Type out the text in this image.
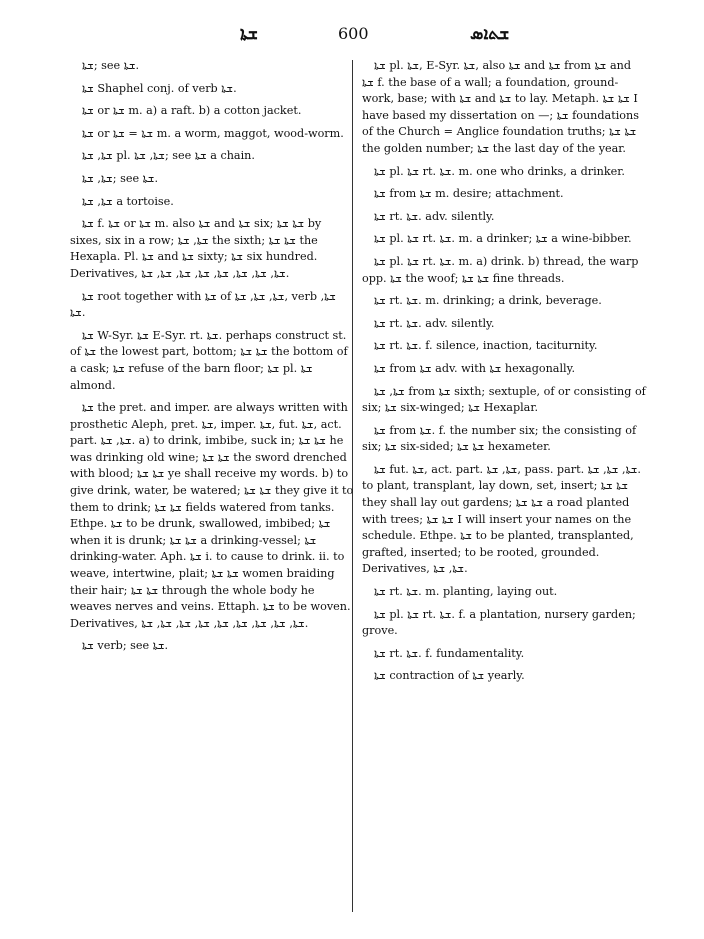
ܫܬܐ	600	ܫܬܐܣ

ܫܬܐ; see ܫܬܐ.

ܫܬܐ Shaphel conj. of verb ܫܬܐ.

ܫܬܐ or ܫܬܐ m. a) a raft. b) a cotton jacket.

ܫܬܐ or ܫܬܐ = ܫܬܐ m. a worm, maggot, wood-worm.

ܫܬܐ, ܫܬܐ pl. ܫܬܐ, ܫܬܐ; see ܫܬܐ a chain.

ܫܬܐ, ܫܬܐ; see ܫܬܐ.

ܫܬܐ, ܫܬܐ a tortoise.

ܫܬܐ f. ܫܬܐ or ܫܬܐ m. also ܫܬܐ and ܫܬܐ six; ܫܬܐ ܫܬܐ by sixes, six in a row; ܫܬܐ, ܫܬܐ the sixth; ܫܬܐ ܫܬܐ the Hexapla. Pl. ܫܬܐ and ܫܬܐ sixty; ܫܬܐ six hundred. Derivatives, ܫܬܐ, ܫܬܐ, ܫܬܐ, ܫܬܐ, ܫܬܐ, ܫܬܐ, ܫܬܐ, ܫܬܐ.

ܫܬܐ root together with ܫܬܐ of ܫܬܐ, ܫܬܐ, ܫܬܐ, verb ܫܬܐ, ܫܬܐ.

ܫܬܐ W-Syr. ܫܬܐ E-Syr. rt. ܫܬܐ. perhaps construct st. of ܫܬܐ the lowest part, bottom; ܫܬܐ ܫܬܐ the bottom of a cask; ܫܬܐ refuse of the barn floor; ܫܬܐ pl. ܫܬܐ almond.

ܫܬܐ the pret. and imper. are always written with prosthetic Aleph, pret. ܫܬܐ, imper. ܫܬܐ, fut. ܫܬܐ, act. part. ܫܬܐ, ܫܬܐ. a) to drink, imbibe, suck in; ܫܬܐ ܫܬܐ he was drinking old wine; ܫܬܐ ܫܬܐ the sword drenched with blood; ܫܬܐ ܫܬܐ ye shall receive my words. b) to give drink, water, be watered; ܫܬܐ ܫܬܐ they give it to them to drink; ܫܬܐ ܫܬܐ fields watered from tanks. Ethpe. ܫܬܐ to be drunk, swallowed, imbibed; ܫܬܐ when it is drunk; ܫܬܐ ܫܬܐ a drinking-vessel; ܫܬܐ drinking-water. Aph. ܫܬܐ i. to cause to drink. ii. to weave, intertwine, plait; ܫܬܐ ܫܬܐ women braiding their hair; ܫܬܐ ܫܬܐ through the whole body he weaves nerves and veins. Ettaph. ܫܬܐ to be woven. Derivatives, ܫܬܐ, ܫܬܐ, ܫܬܐ, ܫܬܐ, ܫܬܐ, ܫܬܐ, ܫܬܐ, ܫܬܐ, ܫܬܐ.

ܫܬܐ verb; see ܫܬܐ.

ܫܬܐ pl. ܫܬܐ, E-Syr. ܫܬܐ, also ܫܬܐ and ܫܬܐ from ܫܬܐ and ܫܬܐ f. the base of a wall; a foundation, ground-work, base; with ܫܬܐ and ܫܬܐ to lay. Metaph. ܫܬܐ ܫܬܐ I have based my dissertation on —; ܫܬܐ foundations of the Church = Anglice foundation truths; ܫܬܐ ܫܬܐ the golden number; ܫܬܐ the last day of the year.

ܫܬܐ pl. ܫܬܐ rt. ܫܬܐ. m. one who drinks, a drinker.

ܫܬܐ from ܫܬܐ m. desire; attachment.

ܫܬܐ rt. ܫܬܐ. adv. silently.

ܫܬܐ pl. ܫܬܐ rt. ܫܬܐ. m. a drinker; ܫܬܐ a wine-bibber.

ܫܬܐ pl. ܫܬܐ rt. ܫܬܐ. m. a) drink. b) thread, the warp opp. ܫܬܐ the woof; ܫܬܐ ܫܬܐ fine threads.

ܫܬܐ rt. ܫܬܐ. m. drinking; a drink, beverage.

ܫܬܐ rt. ܫܬܐ. adv. silently.

ܫܬܐ rt. ܫܬܐ. f. silence, inaction, taciturnity.

ܫܬܐ from ܫܬܐ adv. with ܫܬܐ hexagonally.

ܫܬܐ, ܫܬܐ from ܫܬܐ sixth; sextuple, of or consisting of six; ܫܬܐ six-winged; ܫܬܐ Hexaplar.

ܫܬܐ from ܫܬܐ. f. the number six; the consisting of six; ܫܬܐ six-sided; ܫܬܐ ܫܬܐ hexameter.

ܫܬܐ fut. ܫܬܐ, act. part. ܫܬܐ, ܫܬܐ, pass. part. ܫܬܐ, ܫܬܐ, ܫܬܐ. to plant, transplant, lay down, set, insert; ܫܬܐ ܫܬܐ they shall lay out gardens; ܫܬܐ ܫܬܐ a road planted with trees; ܫܬܐ ܫܬܐ I will insert your names on the schedule. Ethpe. ܫܬܐ to be planted, transplanted, grafted, inserted; to be rooted, grounded. Derivatives, ܫܬܐ, ܫܬܐ.

ܫܬܐ rt. ܫܬܐ. m. planting, laying out.

ܫܬܐ pl. ܫܬܐ rt. ܫܬܐ. f. a plantation, nursery garden; grove.

ܫܬܐ rt. ܫܬܐ. f. fundamentality.

ܫܬܐ contraction of ܫܬܐ yearly.
